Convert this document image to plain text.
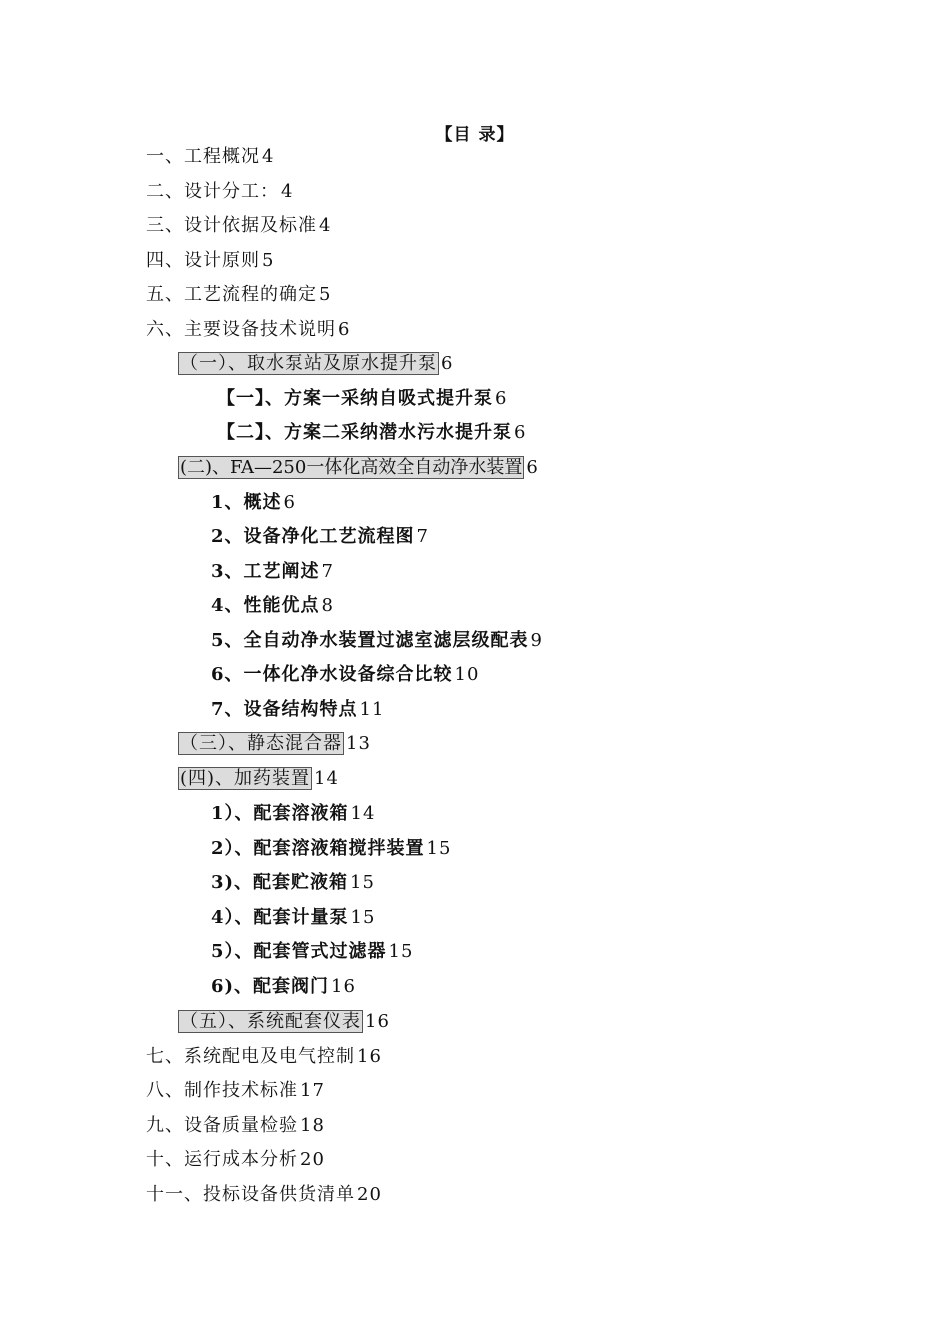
【目 录】
一、工程概况 4
二、设计分工： 4
三、设计依据及标准 4
四、设计原则 5
五、工艺流程的确定 5
六、主要设备技术说明 6
（一）、取水泵站及原水提升泵 6
【一】、方案一采纳自吸式提升泵 6
【二】、方案二采纳潜水污水提升泵 6
(二)、FA—250一体化高效全自动净水装置 6
1、概述 6
2、设备净化工艺流程图 7
3、工艺阐述 7
4、性能优点 8
5、全自动净水装置过滤室滤层级配表 9
6、一体化净水设备综合比较 10
7、设备结构特点 11
（三）、静态混合器 13
(四)、加药装置 14
1）、配套溶液箱 14
2）、配套溶液箱搅拌装置 15
3)、配套贮液箱 15
4）、配套计量泵 15
5）、配套管式过滤器 15
6)、配套阀门 16
（五）、系统配套仪表 16
七、系统配电及电气控制 16
八、制作技术标准 17
九、设备质量检验 18
十、运行成本分析 20
十一、投标设备供货清单 20
